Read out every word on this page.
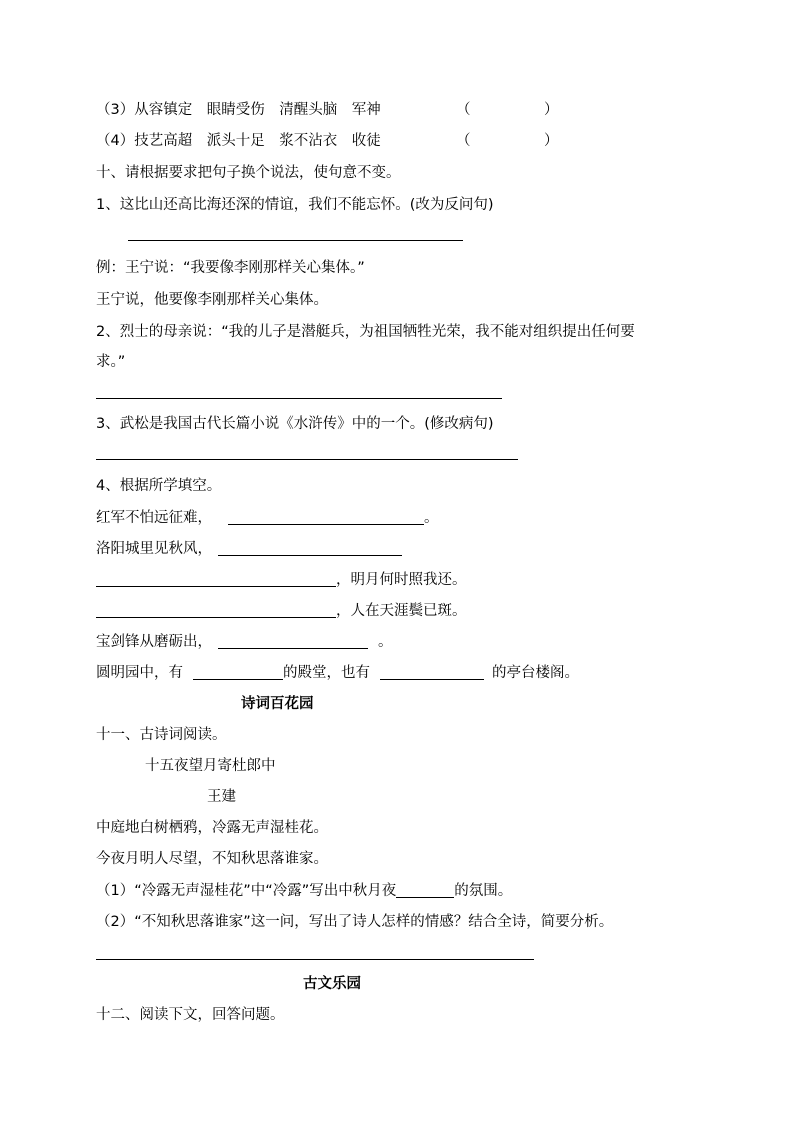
（3）从容镇定　眼睛受伤　清醒头脑　军神	（	）
（4）技艺高超　派头十足　浆不沾衣　收徒	（	）
十、请根据要求把句子换个说法，使句意不变。
1、这比山还高比海还深的情谊，我们不能忘怀。(改为反问句)
例：王宁说：“我要像李刚那样关心集体。”
王宁说，他要像李刚那样关心集体。
2、烈士的母亲说：“我的儿子是潜艇兵，为祖国牺牲光荣，我不能对组织提出任何要
求。”
3、武松是我国古代长篇小说《水浒传》中的一个。(修改病句)
4、根据所学填空。
红军不怕远征难，	。
洛阳城里见秋风，
，明月何时照我还。
，人在天涯鬓已斑。
宝剑锋从磨砺出，	。
圆明园中，有	的殿堂，也有	的亭台楼阁。
诗词百花园
十一、古诗词阅读。
十五夜望月寄杜郎中
王建
中庭地白树栖鸦，冷露无声湿桂花。
今夜月明人尽望，不知秋思落谁家。
（1）“冷露无声湿桂花”中“冷露”写出中秋月夜	的氛围。
（2）“不知秋思落谁家”这一问，写出了诗人怎样的情感？结合全诗，简要分析。
古文乐园
十二、阅读下文，回答问题。
